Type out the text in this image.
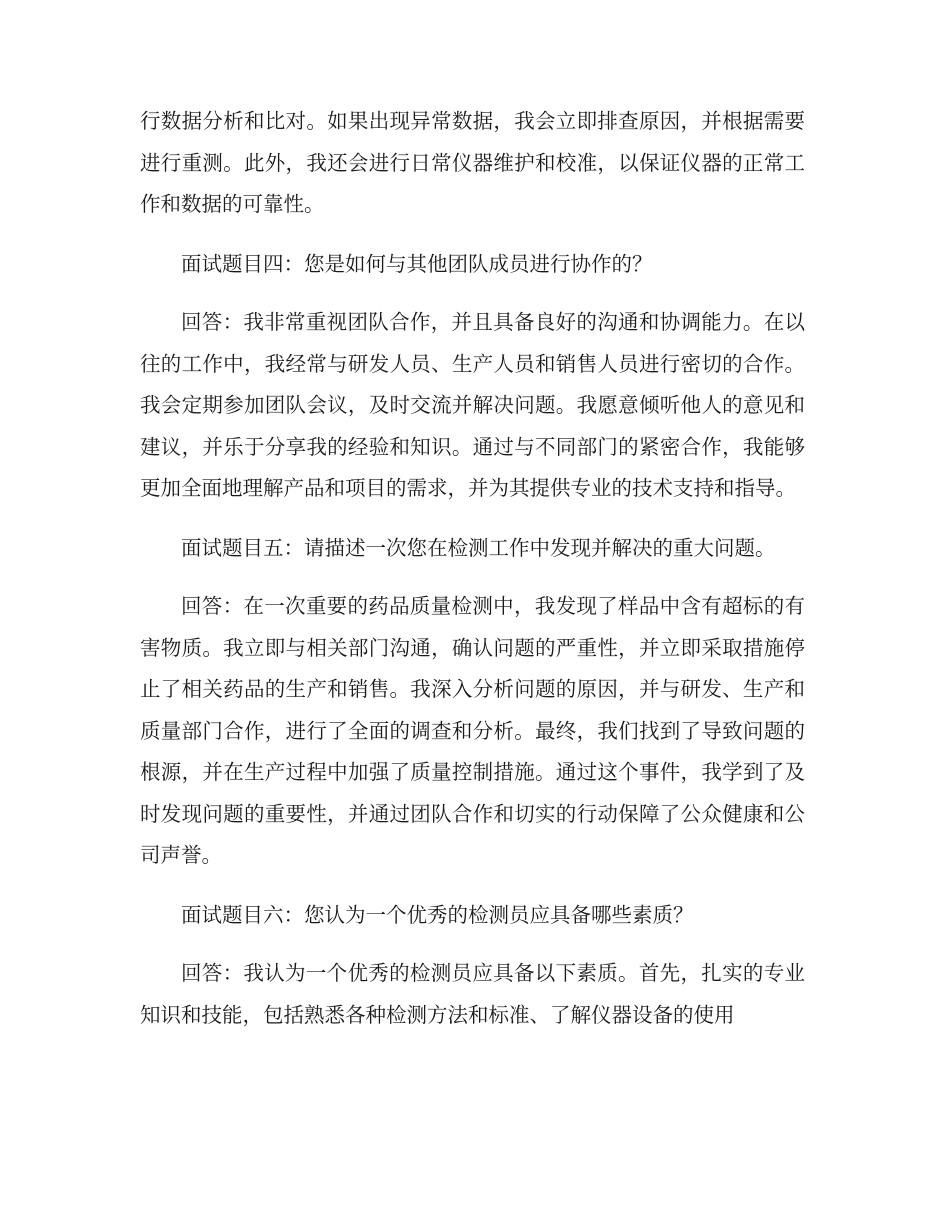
行数据分析和比对。如果出现异常数据，我会立即排查原因，并根据需要进行重测。此外，我还会进行日常仪器维护和校准，以保证仪器的正常工作和数据的可靠性。

面试题目四：您是如何与其他团队成员进行协作的？

回答：我非常重视团队合作，并且具备良好的沟通和协调能力。在以往的工作中，我经常与研发人员、生产人员和销售人员进行密切的合作。我会定期参加团队会议，及时交流并解决问题。我愿意倾听他人的意见和建议，并乐于分享我的经验和知识。通过与不同部门的紧密合作，我能够更加全面地理解产品和项目的需求，并为其提供专业的技术支持和指导。

面试题目五：请描述一次您在检测工作中发现并解决的重大问题。

回答：在一次重要的药品质量检测中，我发现了样品中含有超标的有害物质。我立即与相关部门沟通，确认问题的严重性，并立即采取措施停止了相关药品的生产和销售。我深入分析问题的原因，并与研发、生产和质量部门合作，进行了全面的调查和分析。最终，我们找到了导致问题的根源，并在生产过程中加强了质量控制措施。通过这个事件，我学到了及时发现问题的重要性，并通过团队合作和切实的行动保障了公众健康和公司声誉。

面试题目六：您认为一个优秀的检测员应具备哪些素质？

回答：我认为一个优秀的检测员应具备以下素质。首先，扎实的专业知识和技能，包括熟悉各种检测方法和标准、了解仪器设备的使用
